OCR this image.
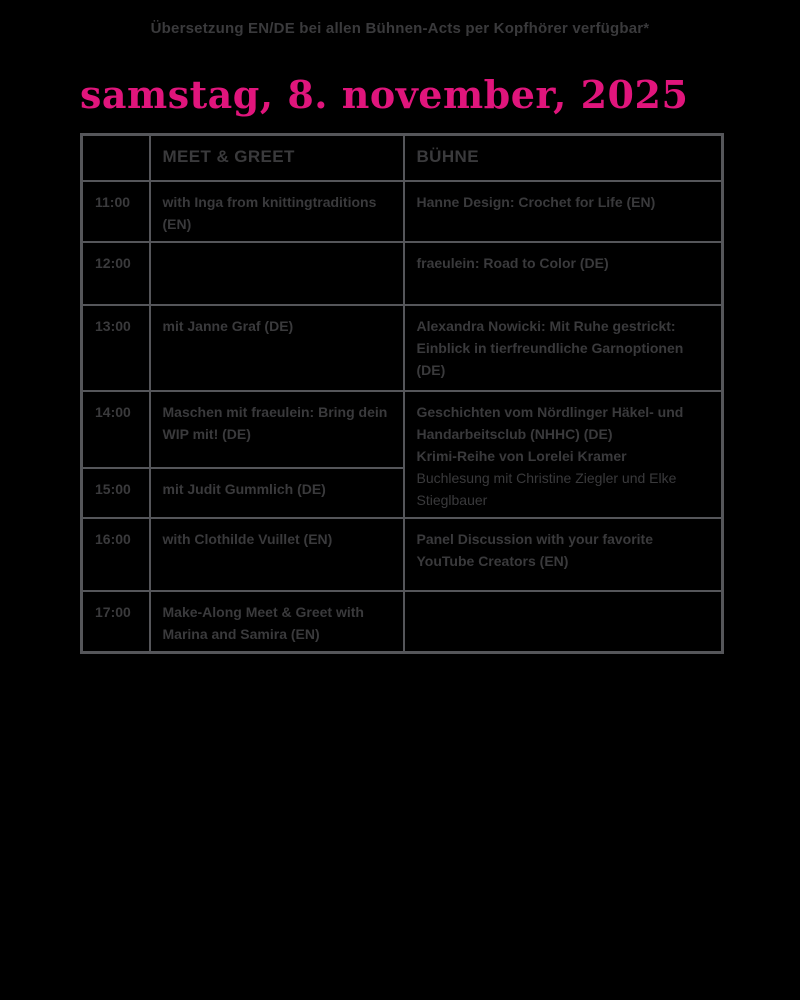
Übersetzung EN/DE bei allen Bühnen-Acts per Kopfhörer verfügbar*
samstag, 8. november, 2025
	MEET & GREET	BÜHNE
11:00	with Inga from knittingtraditions (EN)	Hanne Design: Crochet for Life (EN)
12:00		fraeulein: Road to Color (DE)
13:00	mit Janne Graf (DE)	Alexandra Nowicki: Mit Ruhe gestrickt: Einblick in tierfreundliche Garnoptionen (DE)
14:00	Maschen mit fraeulein: Bring dein WIP mit! (DE)	Geschichten vom Nördlinger Häkel- und Handarbeitsclub (NHHC) (DE)
Krimi-Reihe von Lorelei Kramer
Buchlesung mit Christine Ziegler und Elke Stieglbauer

15:00	mit Judit Gummlich (DE)	
16:00	with Clothilde Vuillet (EN)	Panel Discussion with your favorite YouTube Creators (EN)
17:00	Make-Along Meet & Greet with Marina and Samira (EN)	
